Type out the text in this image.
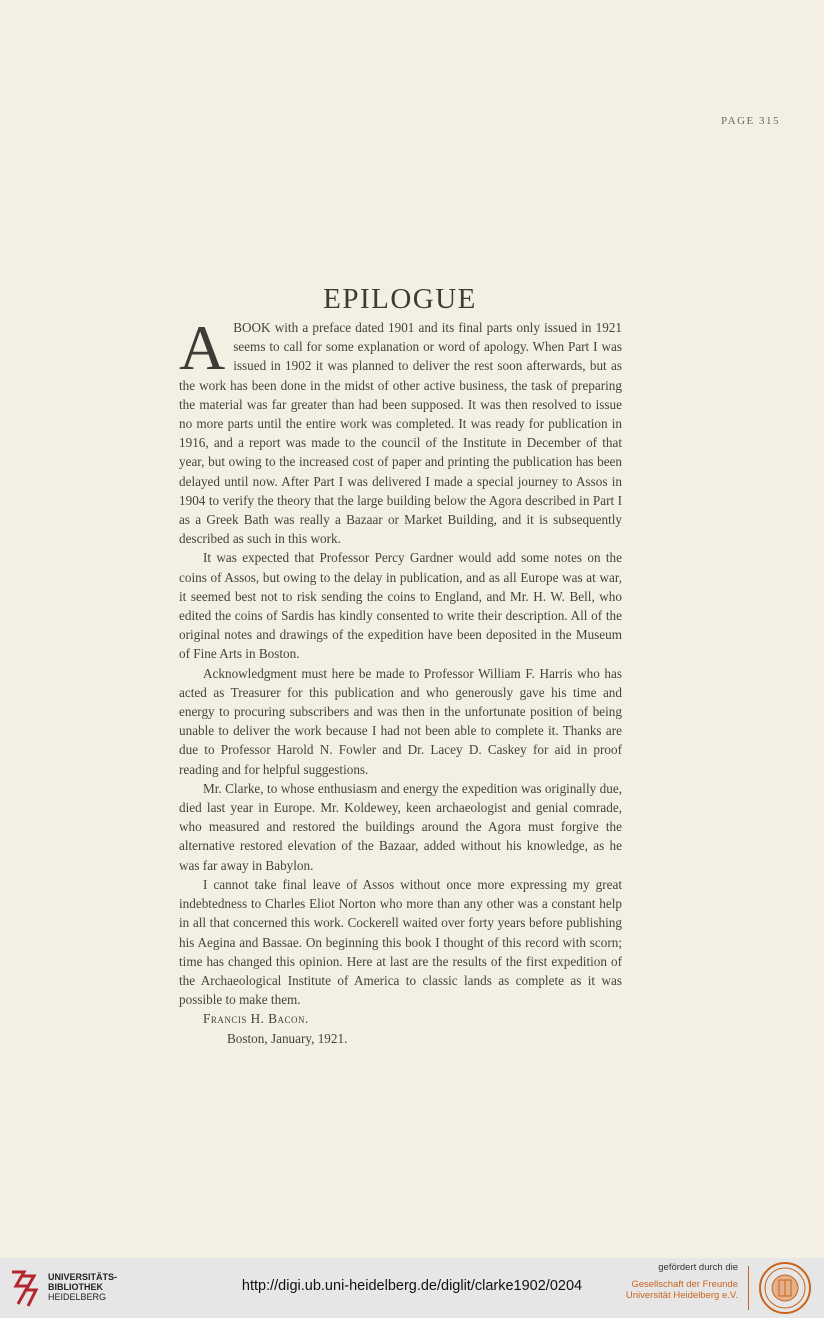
PAGE 315
EPILOGUE

A BOOK with a preface dated 1901 and its final parts only issued in 1921 seems to call for some explanation or word of apology. When Part I was issued in 1902 it was planned to deliver the rest soon afterwards, but as the work has been done in the midst of other active business, the task of preparing the material was far greater than had been supposed. It was then resolved to issue no more parts until the entire work was completed. It was ready for publication in 1916, and a report was made to the council of the Institute in December of that year, but owing to the increased cost of paper and printing the publication has been delayed until now. After Part I was delivered I made a special journey to Assos in 1904 to verify the theory that the large building below the Agora described in Part I as a Greek Bath was really a Bazaar or Market Building, and it is subsequently described as such in this work.

It was expected that Professor Percy Gardner would add some notes on the coins of Assos, but owing to the delay in publication, and as all Europe was at war, it seemed best not to risk sending the coins to England, and Mr. H. W. Bell, who edited the coins of Sardis has kindly consented to write their description. All of the original notes and drawings of the expedition have been deposited in the Museum of Fine Arts in Boston.

Acknowledgment must here be made to Professor William F. Harris who has acted as Treasurer for this publication and who generously gave his time and energy to procuring subscribers and was then in the unfortunate position of being unable to deliver the work because I had not been able to complete it. Thanks are due to Professor Harold N. Fowler and Dr. Lacey D. Caskey for aid in proof reading and for helpful suggestions.

Mr. Clarke, to whose enthusiasm and energy the expedition was originally due, died last year in Europe. Mr. Koldewey, keen archaeologist and genial comrade, who measured and restored the buildings around the Agora must forgive the alternative restored elevation of the Bazaar, added without his knowledge, as he was far away in Babylon.

I cannot take final leave of Assos without once more expressing my great indebtedness to Charles Eliot Norton who more than any other was a constant help in all that concerned this work. Cockerell waited over forty years before publishing his Aegina and Bassae. On beginning this book I thought of this record with scorn; time has changed this opinion. Here at last are the results of the first expedition of the Archaeological Institute of America to classic lands as complete as it was possible to make them.

Francis H. Bacon.

Boston, January, 1921.

UNIVERSITÄTS-
BIBLIOTHEK
HEIDELBERG
http://digi.ub.uni-heidelberg.de/diglit/clarke1902/0204
gefördert durch die
Gesellschaft der Freunde
Universität Heidelberg e.V.
